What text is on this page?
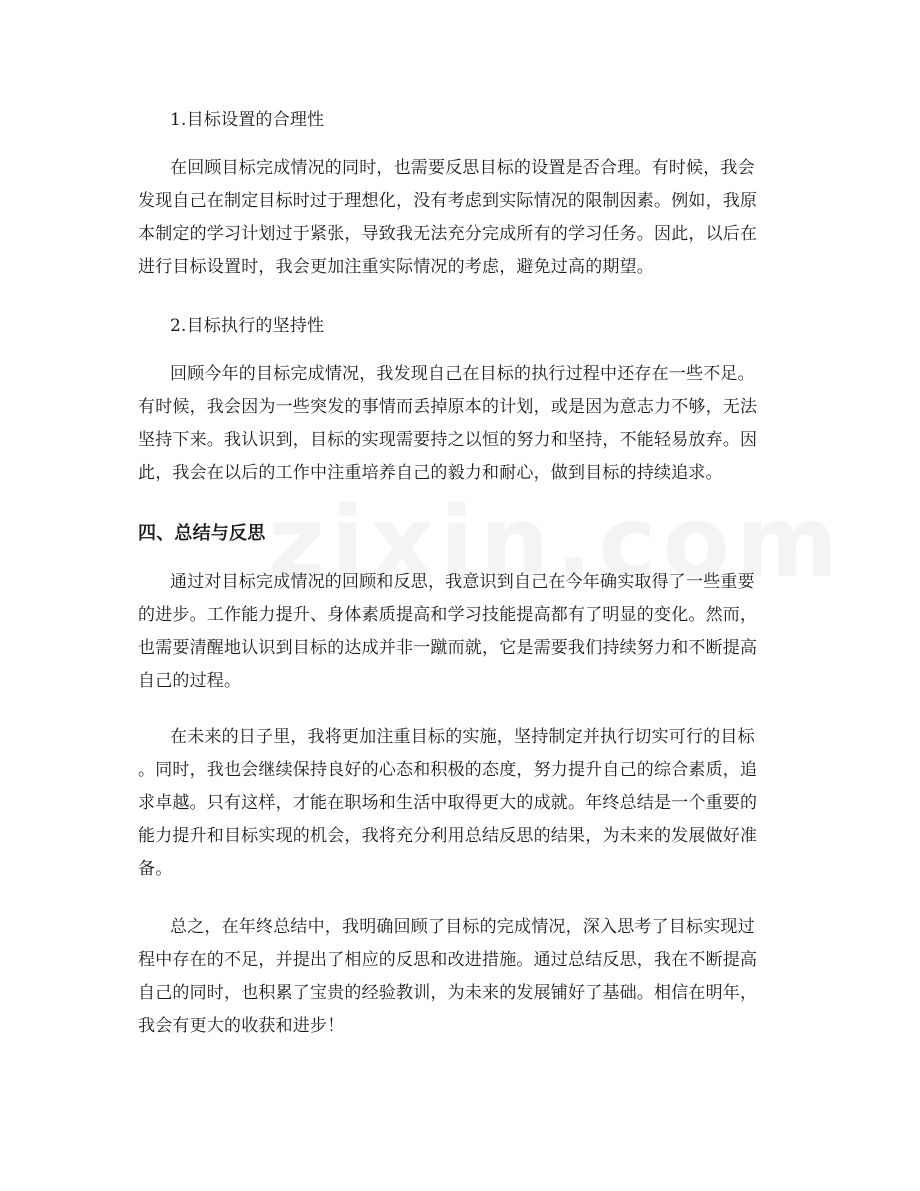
1.目标设置的合理性

在回顾目标完成情况的同时，也需要反思目标的设置是否合理。有时候，我会
发现自己在制定目标时过于理想化，没有考虑到实际情况的限制因素。例如，我原
本制定的学习计划过于紧张，导致我无法充分完成所有的学习任务。因此，以后在
进行目标设置时，我会更加注重实际情况的考虑，避免过高的期望。

2.目标执行的坚持性

回顾今年的目标完成情况，我发现自己在目标的执行过程中还存在一些不足。
有时候，我会因为一些突发的事情而丢掉原本的计划，或是因为意志力不够，无法
坚持下来。我认识到，目标的实现需要持之以恒的努力和坚持，不能轻易放弃。因
此，我会在以后的工作中注重培养自己的毅力和耐心，做到目标的持续追求。

四、总结与反思

通过对目标完成情况的回顾和反思，我意识到自己在今年确实取得了一些重要
的进步。工作能力提升、身体素质提高和学习技能提高都有了明显的变化。然而，
也需要清醒地认识到目标的达成并非一蹴而就，它是需要我们持续努力和不断提高
自己的过程。

在未来的日子里，我将更加注重目标的实施，坚持制定并执行切实可行的目标
。同时，我也会继续保持良好的心态和积极的态度，努力提升自己的综合素质，追
求卓越。只有这样，才能在职场和生活中取得更大的成就。年终总结是一个重要的
能力提升和目标实现的机会，我将充分利用总结反思的结果，为未来的发展做好准
备。

总之，在年终总结中，我明确回顾了目标的完成情况，深入思考了目标实现过
程中存在的不足，并提出了相应的反思和改进措施。通过总结反思，我在不断提高
自己的同时，也积累了宝贵的经验教训，为未来的发展铺好了基础。相信在明年，
我会有更大的收获和进步！
